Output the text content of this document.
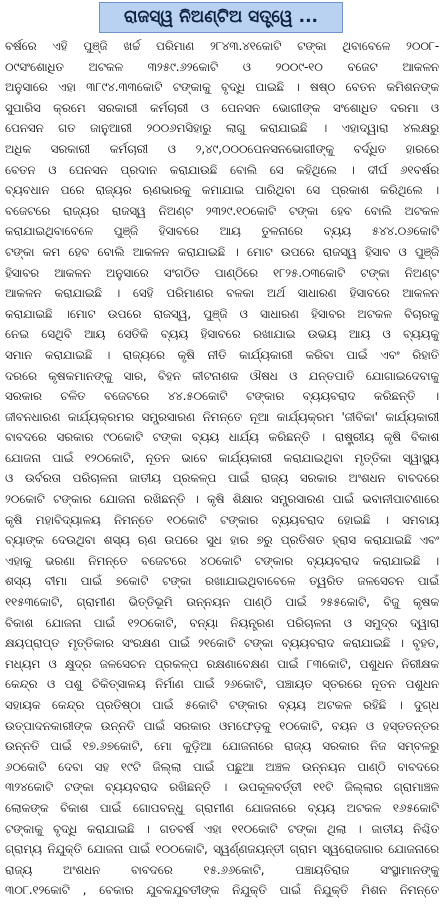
ରାଜସ୍ୱ ନିଅଣ୍ଟିଅ ସତ୍ତ୍ୱେ ...
ବର୍ଷରେ ଏହି ପୁଞ୍ଜି ଖର୍ଚ୍ଚ ପରିମାଣ ୨୮୪୩.୪୧କୋଟି ଟଙ୍କା ଥିବାବେଳେ ୨୦୦୮-
୦୯ସଂଶୋଧିତ ଅଟକଳ ୩୨୫୯.୬୨କୋଟି ଓ ୨୦୦୯-୧୦ ବଜେଟ ଆକଳନ
ଅନୁସାରେ ଏହା ୩୮୯୪.୩୩କୋଟି ଟଙ୍କାକୁ ବୃଦ୍ଧି ପାଇଛି । ଷଷ୍ଠ ବେତନ କମିଶନଙ୍କ
ସୁପାରିସ କ୍ରମେ ସରକାରୀ କର୍ମଚାରୀ ଓ ପେନସନ ଭୋଗୀଙ୍କ ସଂଶୋଧିତ ଦରମା ଓ
ପେନସନ ଗତ ଜାନୁଆରୀ ୨୦୦୬ମସିହାରୁ ଲାଗୁ କରାଯାଇଛି । ଏହାଦ୍ୱାରା ୪ଲକ୍ଷରୁ
ଅଧିକ ସରକାରୀ କର୍ମଚାରୀ ଓ ୨,୪୯,୦୦୦ପେନସନଭୋଗୀଙ୍କୁ ବର୍ଦ୍ଧିତ ହାରରେ
ବେତନ ଓ ପେନସନ ପ୍ରଦାନ କରାଯାଉଛି ବୋଲି ସେ କହିଥିଲେ । ଦୀର୍ଘ ୬୧ବର୍ଷର
ବ୍ୟବଧାନ ପରେ ରାଜ୍ୟର ଋଣଭାରକୁ କମାଯାଇ ପାରିଥିବା ସେ ପ୍ରକାଶ କରିଥିଲେ ।
ବଜେଟରେ ରାଜ୍ୟର ରାଜସ୍ୱ ନିଅଣ୍ଟ ୨୩୨୯.୧୦କୋଟି ଟଙ୍କା ହେବ ବୋଲି ଅଟକଳ
କରାଯାଇଥିବାବେଳେ ପୁଞ୍ଜି ହିସାବରେ ଆୟ ତୁଳନାରେ ବ୍ୟୟ ୫୪୪.୦୬କୋଟି
ଟଙ୍କା କମ ହେବ ବୋଲି ଆକଳନ କରାଯାଇଛି । ମୋଟ ଉପରେ ରାଜସ୍ୱ ହିସାବ ଓ ପୁଞ୍ଜି
ହିସାବର ଆକଳନ ଅନୁସାରେ ସଂଗଠିତ ପାଣ୍ଠିରେ ୧୮୨୫.୦୩କୋଟି ଟଙ୍କା ନିଅଣ୍ଟ
ଆକଳନ କରାଯାଇଛି । ସେହି ପରିମାଣର ବଳକା ଅର୍ଥ ସାଧାରଣ ହିସାବରେ ଆକଳନ
କରାଯାଇଛି ।ମୋଟ ଉପରେ ରାଜସ୍ୱ, ପୁଞ୍ଜି ଓ ସାଧାରଣ ହିସାବର ଅଟକଳ ବିଚାରକୁ
ନେଇ ସେଥିବି ଆୟ ସେତିକି ବ୍ୟୟ ହିସାବରେ ରଖାଯାଇ ଉଭୟ ଆୟ ଓ ବ୍ୟୟକୁ
ସମାନ କରାଯାଇଛି । ରାଜ୍ୟରେ କୃଷି ନୀତି କାର୍ଯ୍ୟକାରୀ କରିବା ପାଇଁ ଏବଂ ରିହାତି
ଦରରେ କୃଷକମାନଙ୍କୁ ସାର, ବିହନ କୀଟନାଶକ ଔଷଧ ଓ ଯନ୍ତପାତି ଯୋଗାଇଦେବାକୁ
ସରକାର ଚଳିତ ବଜେଟରେ ୪୪.୫୦କୋଟି ଟଙ୍କାର ବ୍ୟୟବରାଦ କରିଛନ୍ତି ।
ଜୀବନଧାରଣ କାର୍ଯ୍ୟକ୍ରମର ସମ୍ପ୍ରସାରଣ ନିମନ୍ତେ ନୂଆ କାର୍ଯ୍ୟକ୍ରମ 'ଜୀବିକା' କାର୍ଯ୍ୟକାରୀ
ବାବଦରେ ସରକାର ୯୦କୋଟି ଟଙ୍କା ବ୍ୟୟ ଧାର୍ଯ୍ୟ କରିଛନ୍ତି । ରାଷ୍ଟ୍ରୀୟ କୃଷି ବିକାଶ
ଯୋଜନା ପାଇଁ ୧୨୦କୋଟି, ନୂତନ ଭାବେ କାର୍ଯ୍ୟକାରୀ କରାଯାଇଥିବା ମୃତ୍ତିକା ସ୍ୱାସ୍ଥ୍ୟ
ଓ ଉର୍ବରତା ପରିଚାଳନା ଜାତୀୟ ପ୍ରକଳ୍ପ ପାଇଁ ରାଜ୍ୟ ସରକାର ଅଂଶଧନ ବାବଦରେ
୨୦କୋଟି ଟଙ୍କାର ଯୋଜନା ରଖିଛନ୍ତି । କୃଷି ଶିକ୍ଷାର ସମ୍ପ୍ରସାରଣ ପାଇଁ ଭବାନୀପାଟଣାରେ
କୃଷି ମହାବିଦ୍ୟାଳୟ ନିମନ୍ତେ ୧୦କୋଟି ଟଙ୍କାର ବ୍ୟୟବରାଦ ହୋଇଛି । ସମବାୟ
ବ୍ୟାଙ୍କ ଦେଉଥିବା ଶସ୍ୟ ଋଣ ଉପରେ ସୁଧ ହାର ୭ରୁ ପ୍ରତିଶତ ହ୍ରାସ କରାଯାଇଛି ଏବଂ
ଏହାକୁ ଭରଣା ନିମନ୍ତେ ବଜେଟରେ ୪୦କୋଟି ଟଙ୍କାର ବ୍ୟୟବରାଦ କରାଯାଇଛି ।
ଶସ୍ୟ ବୀମା ପାଇଁ ୭କୋଟି ଟଙ୍କା ରଖାଯାଇଥିବାବେଳେ ତ୍ୱରିତ ଜଳସେଚନ ପାଇଁ
୧୧୫୩କୋଟି, ଗ୍ରାମୀଣ ଭିତ୍ତିଭୂମି ଉନ୍ନୟନ ପାଣ୍ଠି ପାଇଁ ୨୫୫କୋଟି, ବିଜୁ କୃଷକ
ବିକାଶ ଯୋଜନା ପାଇଁ ୧୨୦କୋଟି, ବନ୍ୟା ନିୟନ୍ତ୍ରଣ ପରିଚାଳନା ଓ ସମୁଦ୍ର ଦ୍ୱାରା
କ୍ଷୟପ୍ରାପ୍ତ ମୃତ୍ତିକାର ସଂରକ୍ଷଣ ପାଇଁ ୨୧କୋଟି ଟଙ୍କା ବ୍ୟୟବରାଦ କରାଯାଇଛି । ବୃହତ,
ମଧ୍ୟମ ଓ କ୍ଷୁଦ୍ର ଜଳସେଚନ ପ୍ରକଳ୍ପ ରକ୍ଷଣାବେକ୍ଷଣ ପାଇଁ ୮୩କୋଟି, ପଶୁଧନ ନିରୀକ୍ଷକ
କେନ୍ଦ୍ର ଓ ପଶୁ ଚିକିତ୍ସାଳୟ ନିର୍ମାଣ ପାଇଁ ୨୬କୋଟି, ପଞ୍ଚାୟତ ସ୍ତରରେ ନୂତନ ପଶୁଧନ
ସହାୟକ କେନ୍ଦ୍ର ପ୍ରତିଷ୍ଠା ପାଇଁ ୫କୋଟି ଟଙ୍କାର ବ୍ୟୟ ଅଟକଳ ରହିଛି । ଦୁଗ୍ଧ
ଉତ୍ପାଦନକାରୀଙ୍କ ଉନ୍ନତି ପାଇଁ ସରକାର ଓମଫେଡ଼କୁ ୧୦କୋଟି, ବୟନ ଓ ହସ୍ତତନ୍ତର
ଉନ୍ନତି ପାଇଁ ୧୭.୬୭କୋଟି, ମୋ କୁଡ଼ିଆ ଯୋଜନାରେ ରାଜ୍ୟ ସରକାର ନିଜ ସମ୍ବଳରୁ
୬୦କୋଟି ଦେବା ସହ ୧୯ଟି ଜିଲ୍ଲା ପାଇଁ ପଛୁଆ ଅଞ୍ଚଳ ଉନ୍ନୟନ ପାଣ୍ଠି ବାବଦରେ
୩୨୪କୋଟି ଟଙ୍କା ବ୍ୟୟବରାଦ ରଖିଛନ୍ତି । ଉପକୂଳବର୍ତ୍ତୀ ୧୧ଟି ଜିଲ୍ଲାର ଗ୍ରାମାଞ୍ଚଳ
ଲୋକଙ୍କ ବିକାଶ ପାଇଁ ଗୋପବନ୍ଧୁ ଗ୍ରାମୀଣ ଯୋଜନାରେ ବ୍ୟୟ ଅଟକଳ ୧୬୫କୋଟି
ଟଙ୍କାକୁ ବୃଦ୍ଧି କରାଯାଇଛି । ଗତବର୍ଷ ଏହା ୧୧୦କୋଟି ଟଙ୍କା ଥିଲା । ଜାତୀୟ ନିଶ୍ଚିତ
ଗ୍ରାମ୍ୟ ନିଯୁକ୍ତି ଯୋଜନା ପାଇଁ ୧୦୦କୋଟି, ସ୍ୱର୍ଣ୍ଣଜୟନ୍ତୀ ଗ୍ରାମ ସ୍ୱରୋଜଗାର ଯୋଜନାରେ
ରାଜ୍ୟ ଅଂଶଧନ ବାବଦରେ ୧୫.୬୬କୋଟି, ପଞ୍ଚାୟତିରାଜ ସଂସ୍ଥାମାନଙ୍କୁ
୩୦୮.୧୨କୋଟି , ବେକାର ଯୁବକଯୁବତୀଙ୍କ ନିଯୁକ୍ତି ପାଇଁ ନିଯୁକ୍ତି ମିଶନ ନିମନ୍ତେ
